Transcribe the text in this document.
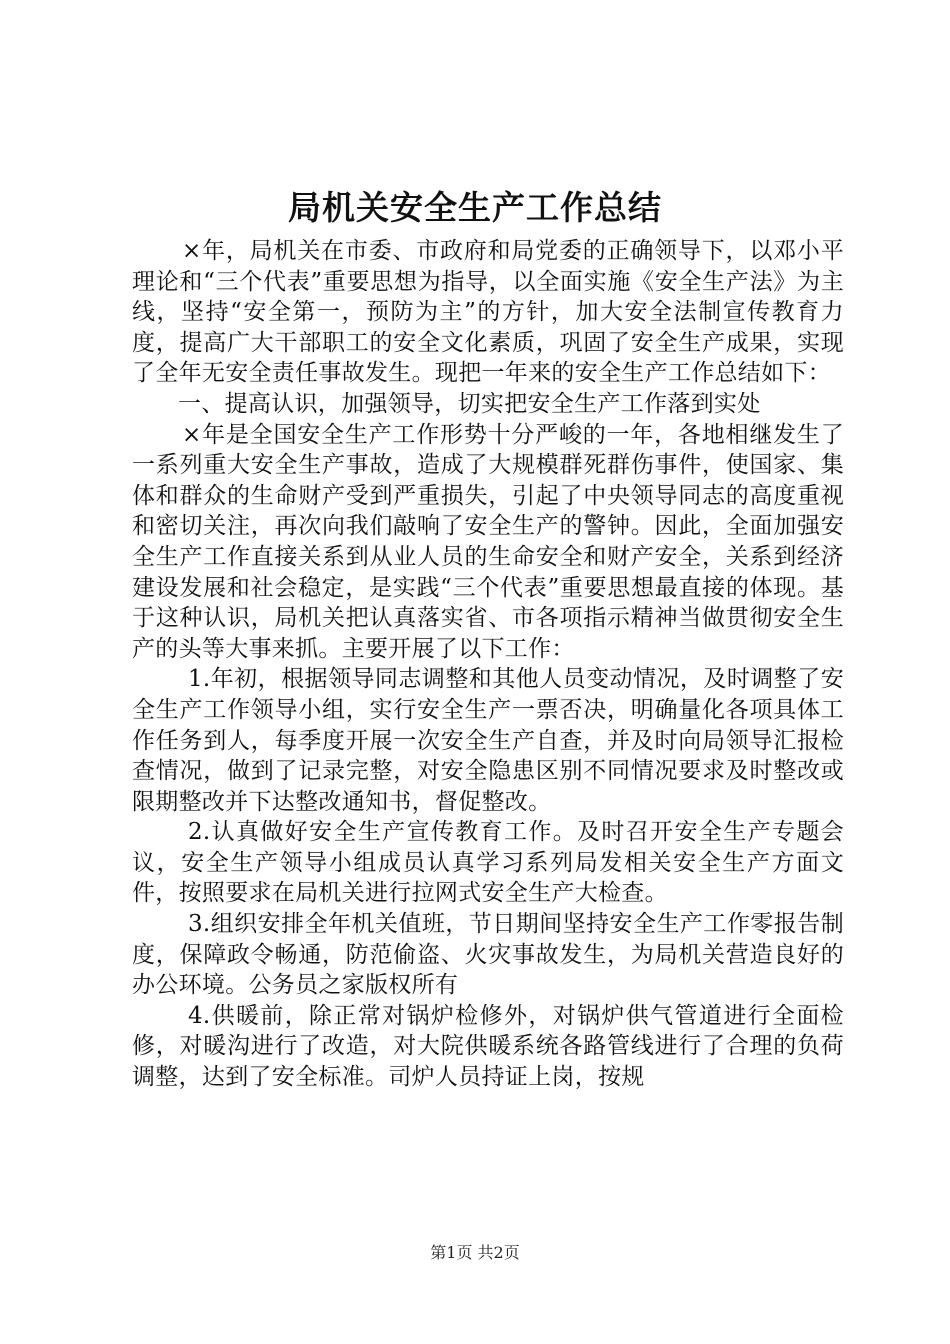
局机关安全生产工作总结

×年，局机关在市委、市政府和局党委的正确领导下，以邓小平理论和“三个代表”重要思想为指导，以全面实施《安全生产法》为主线，坚持“安全第一，预防为主”的方针，加大安全法制宣传教育力度，提高广大干部职工的安全文化素质，巩固了安全生产成果，实现了全年无安全责任事故发生。现把一年来的安全生产工作总结如下：

一、提高认识，加强领导，切实把安全生产工作落到实处

×年是全国安全生产工作形势十分严峻的一年，各地相继发生了一系列重大安全生产事故，造成了大规模群死群伤事件，使国家、集体和群众的生命财产受到严重损失，引起了中央领导同志的高度重视和密切关注，再次向我们敲响了安全生产的警钟。因此，全面加强安全生产工作直接关系到从业人员的生命安全和财产安全，关系到经济建设发展和社会稳定，是实践“三个代表”重要思想最直接的体现。基于这种认识，局机关把认真落实省、市各项指示精神当做贯彻安全生产的头等大事来抓。主要开展了以下工作：

1.年初，根据领导同志调整和其他人员变动情况，及时调整了安全生产工作领导小组，实行安全生产一票否决，明确量化各项具体工作任务到人，每季度开展一次安全生产自查，并及时向局领导汇报检查情况，做到了记录完整，对安全隐患区别不同情况要求及时整改或限期整改并下达整改通知书，督促整改。

2.认真做好安全生产宣传教育工作。及时召开安全生产专题会议，安全生产领导小组成员认真学习系列局发相关安全生产方面文件，按照要求在局机关进行拉网式安全生产大检查。

3.组织安排全年机关值班，节日期间坚持安全生产工作零报告制度，保障政令畅通，防范偷盗、火灾事故发生，为局机关营造良好的办公环境。公务员之家版权所有

4.供暖前，除正常对锅炉检修外，对锅炉供气管道进行全面检修，对暖沟进行了改造，对大院供暖系统各路管线进行了合理的负荷调整，达到了安全标准。司炉人员持证上岗，按规

第1页 共2页
